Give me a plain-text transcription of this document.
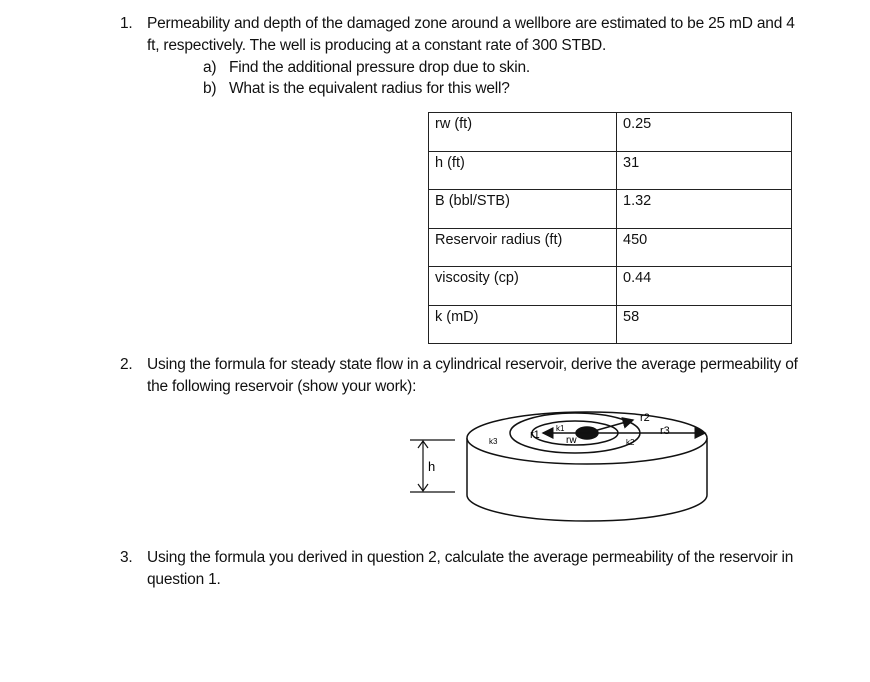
1. Permeability and depth of the damaged zone around a wellbore are estimated to be 25 mD and 4
ft, respectively. The well is producing at a constant rate of 300 STBD.
a) Find the additional pressure drop due to skin.
b) What is the equivalent radius for this well?
rw (ft)	0.25
h (ft)	31
B (bbl/STB)	1.32
Reservoir radius (ft)	450
viscosity (cp)	0.44
k (mD)	58
2. Using the formula for steady state flow in a cylindrical reservoir, derive the average permeability of
the following reservoir (show your work):
h
k3
k1
k2
r1
r2
r3
rw
3. Using the formula you derived in question 2, calculate the average permeability of the reservoir in
question 1.
